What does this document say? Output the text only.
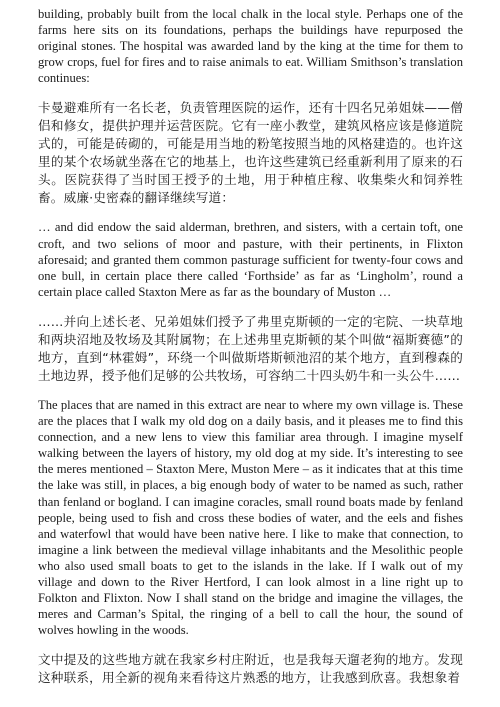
building, probably built from the local chalk in the local style. Perhaps one of the farms here sits on its foundations, perhaps the buildings have repurposed the original stones. The hospital was awarded land by the king at the time for them to grow crops, fuel for fires and to raise animals to eat. William Smithson’s translation continues:

卡曼避难所有一名长老，负责管理医院的运作，还有十四名兄弟姐妹——僧侣和修女，提供护理并运营医院。它有一座小教堂，建筑风格应该是修道院式的，可能是砖砌的，可能是用当地的粉笔按照当地的风格建造的。也许这里的某个农场就坐落在它的地基上，也许这些建筑已经重新利用了原来的石头。医院获得了当时国王授予的土地，用于种植庄稼、收集柴火和饲养牲畜。威廉·史密森的翻译继续写道：

… and did endow the said alderman, brethren, and sisters, with a certain toft, one croft, and two selions of moor and pasture, with their pertinents, in Flixton aforesaid; and granted them common pasturage sufficient for twenty-four cows and one bull, in certain place there called ‘Forthside’ as far as ‘Lingholm’, round a certain place called Staxton Mere as far as the boundary of Muston …

……并向上述长老、兄弟姐妹们授予了弗里克斯顿的一定的宅院、一块草地和两块沼地及牧场及其附属物；在上述弗里克斯顿的某个叫做“福斯赛德”的地方，直到“林霍姆”，环绕一个叫做斯塔斯顿池沼的某个地方，直到穆森的土地边界，授予他们足够的公共牧场，可容纳二十四头奶牛和一头公牛……

The places that are named in this extract are near to where my own village is. These are the places that I walk my old dog on a daily basis, and it pleases me to find this connection, and a new lens to view this familiar area through. I imagine myself walking between the layers of history, my old dog at my side. It’s interesting to see the meres mentioned – Staxton Mere, Muston Mere – as it indicates that at this time the lake was still, in places, a big enough body of water to be named as such, rather than fenland or bogland. I can imagine coracles, small round boats made by fenland people, being used to fish and cross these bodies of water, and the eels and fishes and waterfowl that would have been native here. I like to make that connection, to imagine a link between the medieval village inhabitants and the Mesolithic people who also used small boats to get to the islands in the lake. If I walk out of my village and down to the River Hertford, I can look almost in a line right up to Folkton and Flixton. Now I shall stand on the bridge and imagine the villages, the meres and Carman’s Spital, the ringing of a bell to call the hour, the sound of wolves howling in the woods.

文中提及的这些地方就在我家乡村庄附近，也是我每天遛老狗的地方。发现这种联系，用全新的视角来看待这片熟悉的地方，让我感到欣喜。我想象着
